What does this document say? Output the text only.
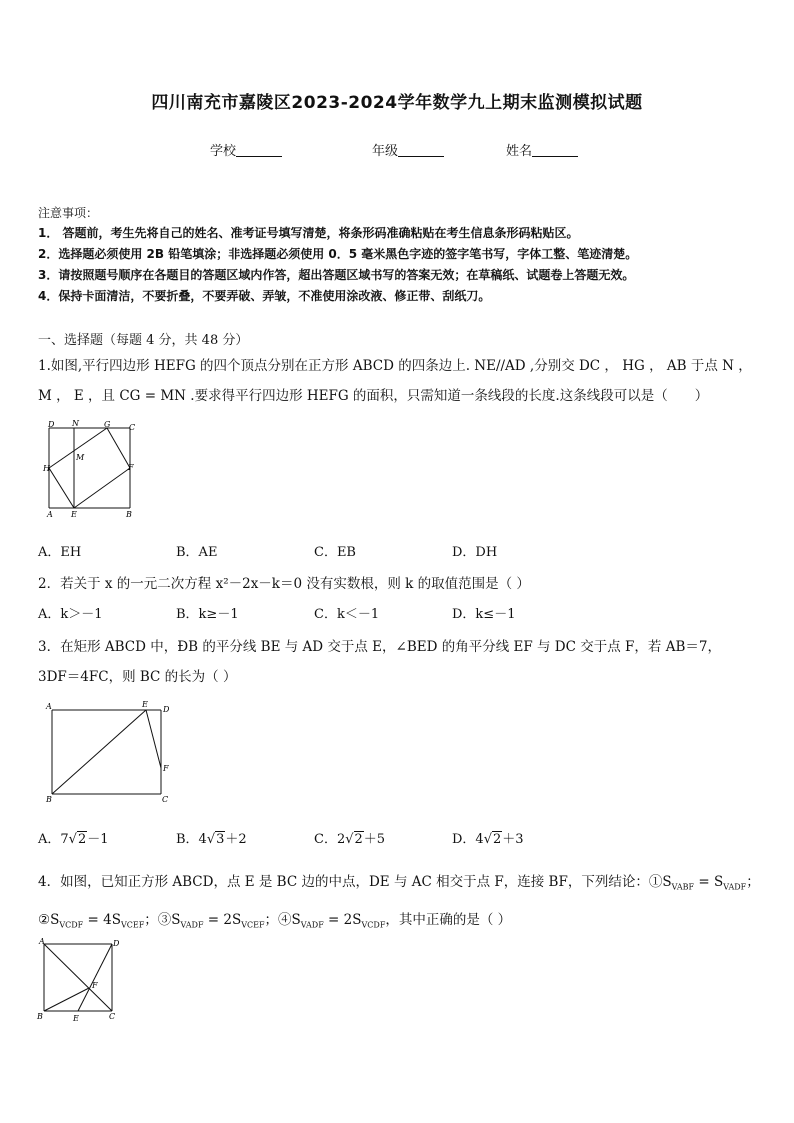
四川南充市嘉陵区2023-2024学年数学九上期末监测模拟试题
学校	年级	姓名
注意事项：
1． 答题前，考生先将自己的姓名、准考证号填写清楚，将条形码准确粘贴在考生信息条形码粘贴区。
2．选择题必须使用 2B 铅笔填涂；非选择题必须使用 0．5 毫米黑色字迹的签字笔书写，字体工整、笔迹清楚。
3．请按照题号顺序在各题目的答题区域内作答，超出答题区域书写的答案无效；在草稿纸、试题卷上答题无效。
4．保持卡面清洁，不要折叠，不要弄破、弄皱，不准使用涂改液、修正带、刮纸刀。
一、选择题（每题 4 分，共 48 分）
1.如图,平行四边形 HEFG 的四个顶点分别在正方形 ABCD 的四条边上. NE//AD ,分别交 DC ， HG ， AB 于点 N ，
M ， E ，且 CG = MN .要求得平行四边形 HEFG 的面积，只需知道一条线段的长度.这条线段可以是（　　）
D N	G C
H
M
F
A E	B
A．EH	B．AE	C．EB	D．DH
2．若关于 x 的一元二次方程 x²－2x－k＝0 没有实数根，则 k 的取值范围是（ ）
A．k＞－1	B．k≥－1	C．k＜－1	D．k≤－1
3．在矩形 ABCD 中，ÐB 的平分线 BE 与 AD 交于点 E，∠BED 的角平分线 EF 与 DC 交于点 F，若 AB＝7，
3DF＝4FC，则 BC 的长为（ ）
A	E
D
F
B	C
A．7√2－1	B．4√3＋2	C．2√2＋5	D．4√2＋3
4．如图，已知正方形 ABCD，点 E 是 BC 边的中点，DE 与 AC 相交于点 F，连接 BF，下列结论：$①S_{VABF} = S_{VADF}$；
$②S_{VCDF} = 4S_{VCEF}$；$③S_{VADF} = 2S_{VCEF}$；$④S_{VADF} = 2S_{VCDF}$，其中正确的是（ ）
A	D
F
B	E	C
